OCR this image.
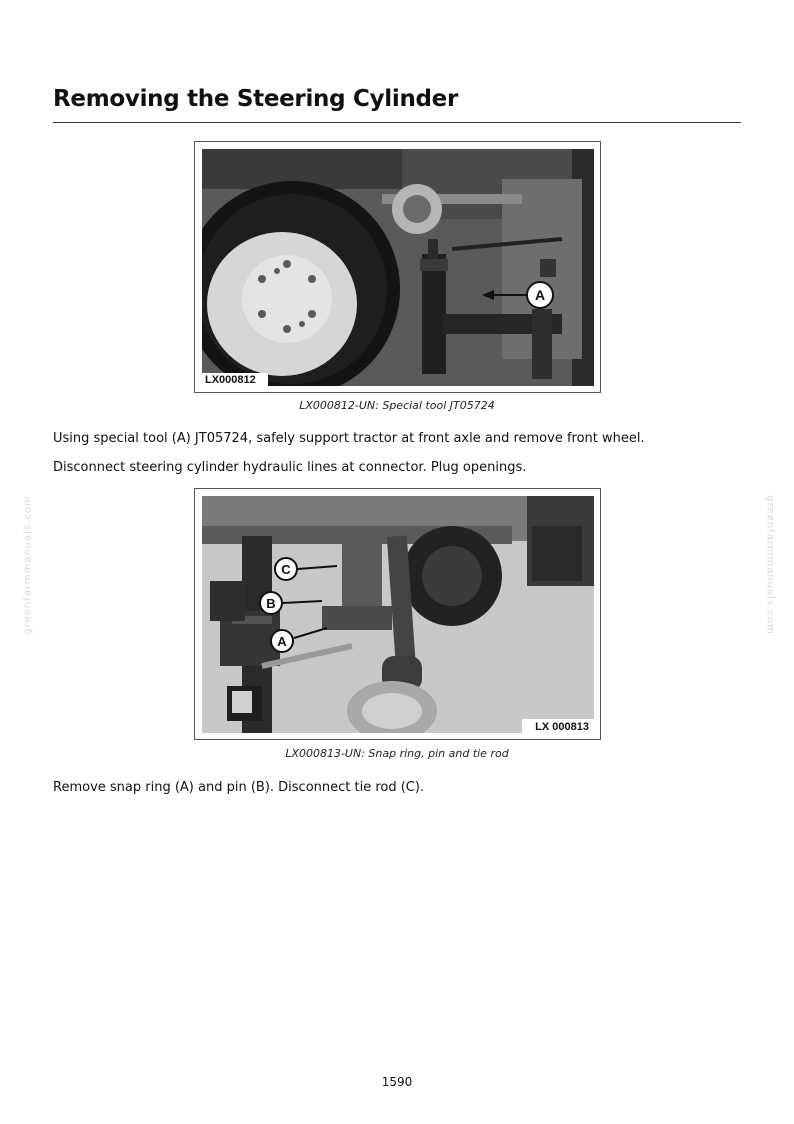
Removing the Steering Cylinder
A
LX000812
LX000812-UN: Special tool JT05724
Using special tool (A) JT05724, safely support tractor at front axle and remove front wheel.
Disconnect steering cylinder hydraulic lines at connector. Plug openings.
C
B
A
LX 000813
LX000813-UN: Snap ring, pin and tie rod
Remove snap ring (A) and pin (B). Disconnect tie rod (C).
greenfarmmanuals.com	greenfarmmanuals.com
1590
